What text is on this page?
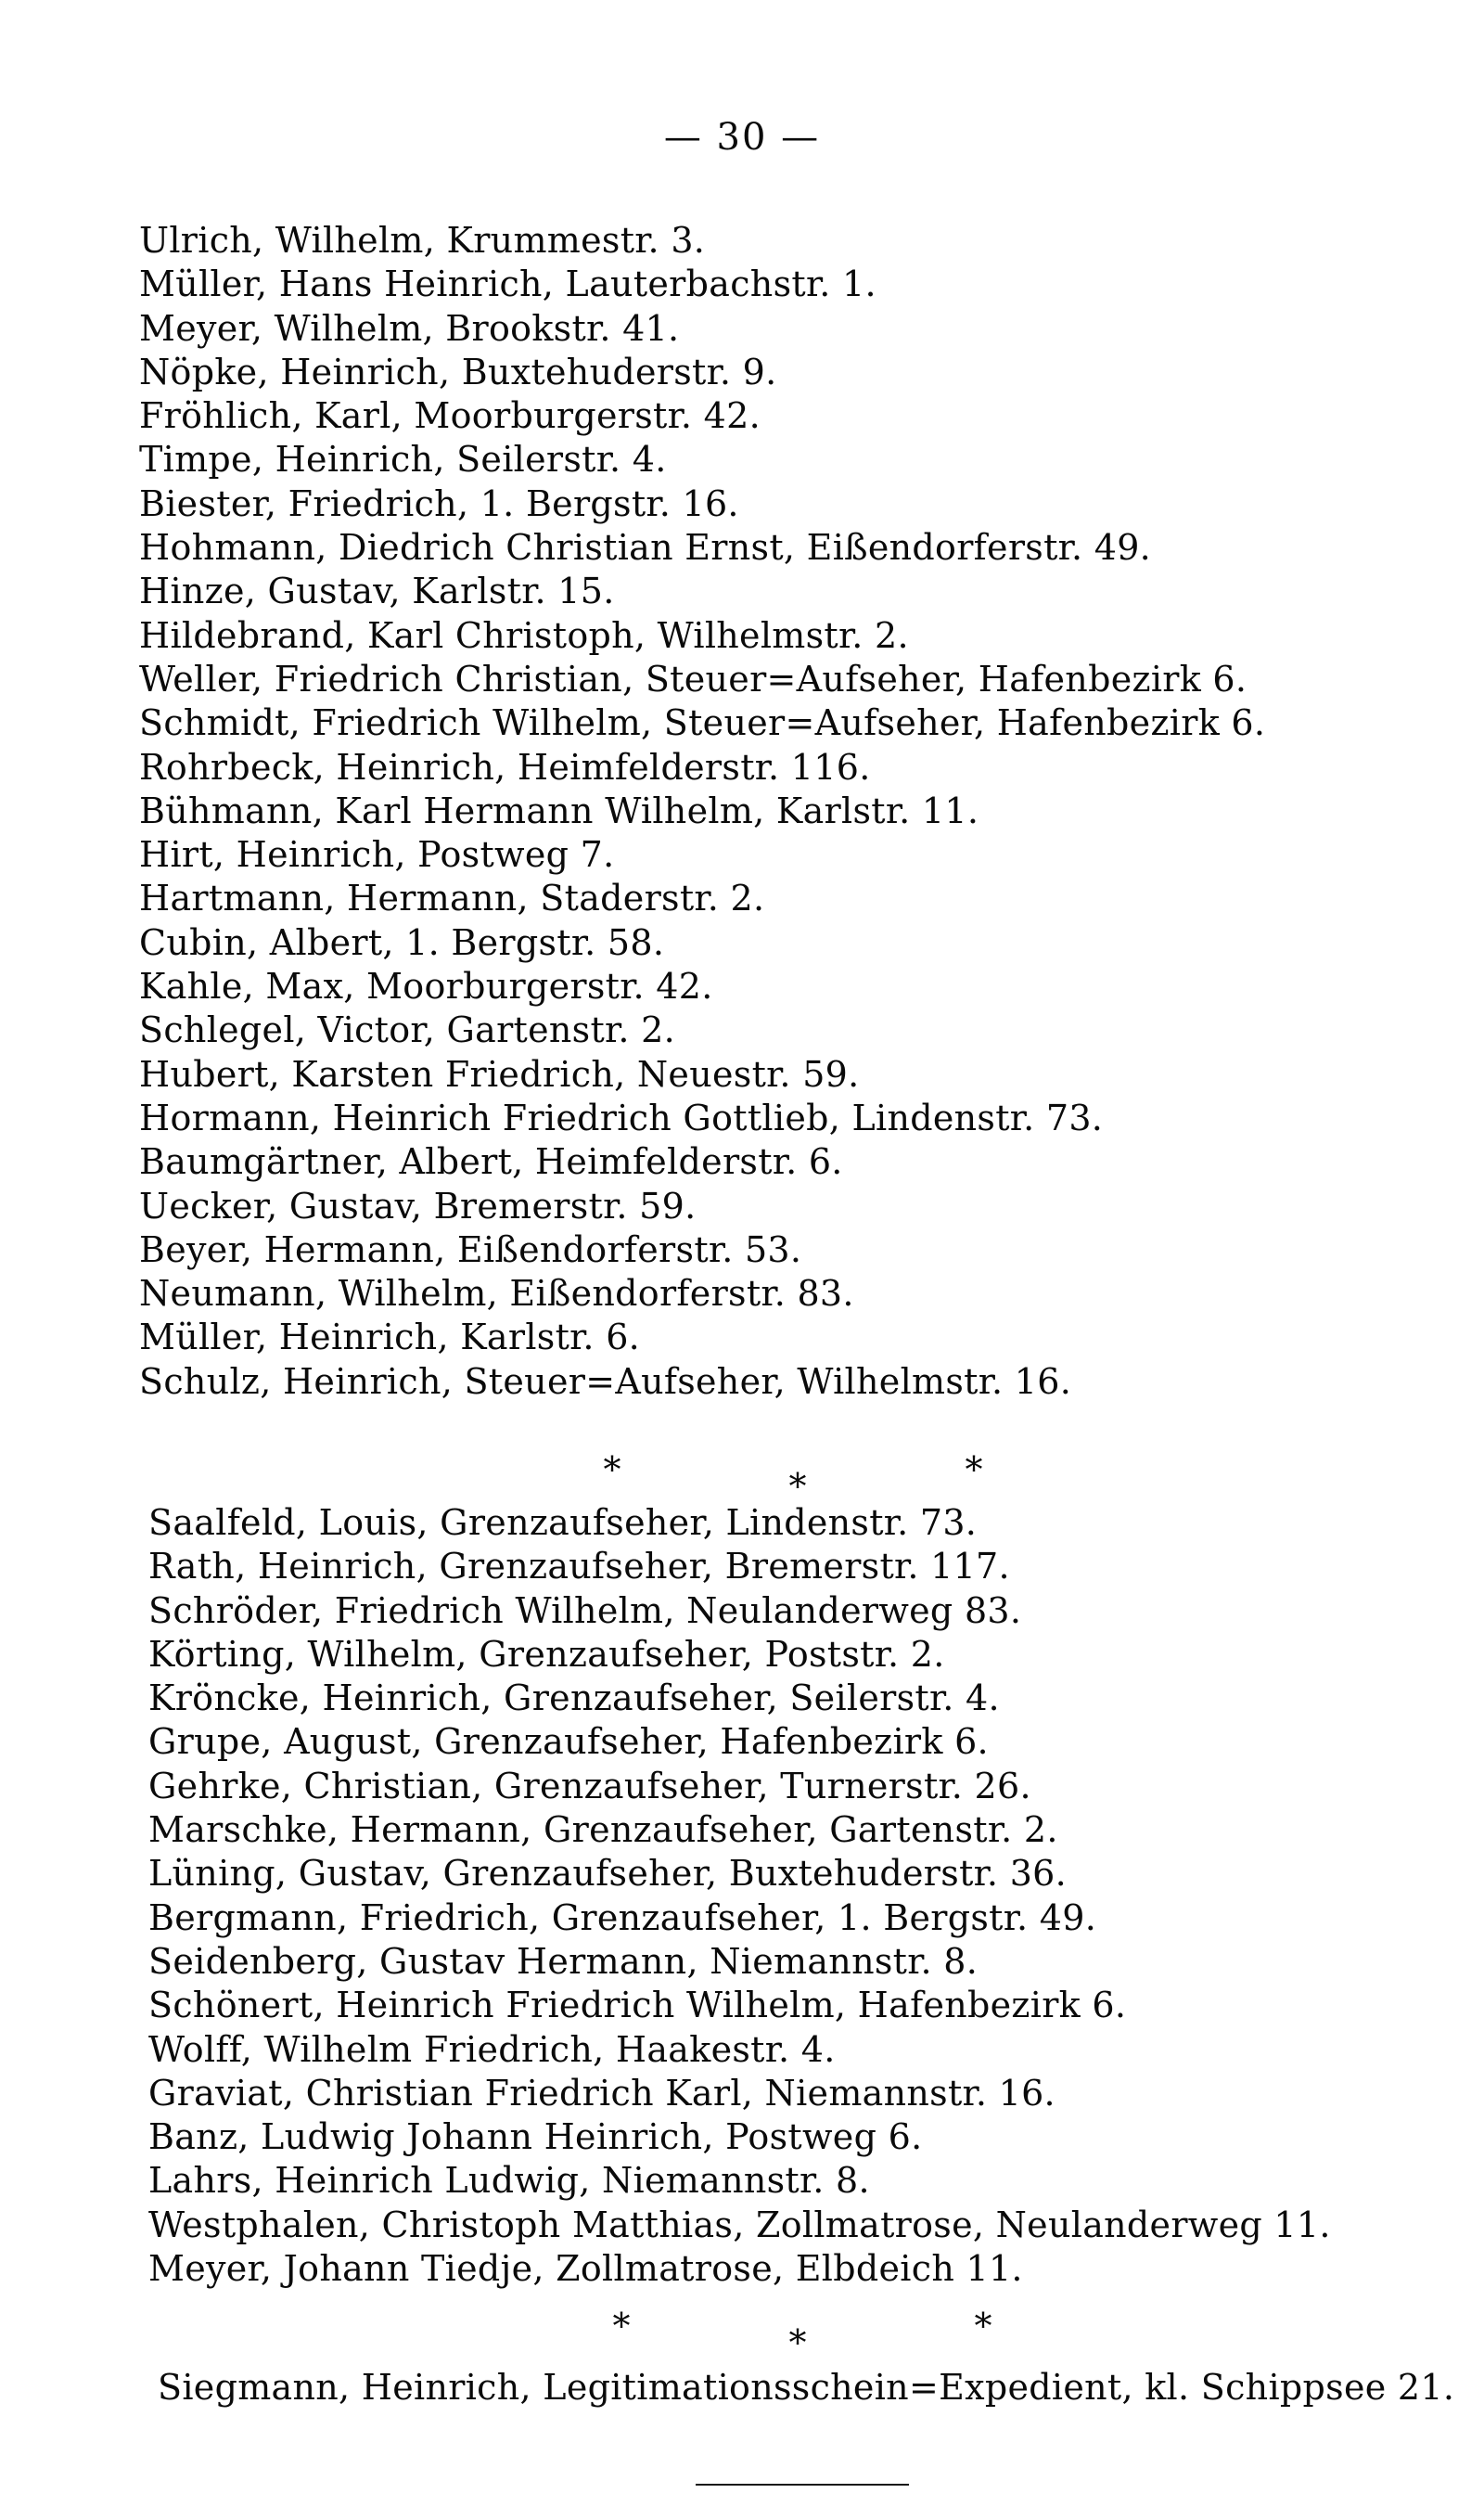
— 30 —
Ulrich, Wilhelm, Krummestr. 3.
Müller, Hans Heinrich, Lauterbachstr. 1.
Meyer, Wilhelm, Brookstr. 41.
Nöpke, Heinrich, Buxtehuderstr. 9.
Fröhlich, Karl, Moorburgerstr. 42.
Timpe, Heinrich, Seilerstr. 4.
Biester, Friedrich, 1. Bergstr. 16.
Hohmann, Diedrich Christian Ernst, Eißendorferstr. 49.
Hinze, Gustav, Karlstr. 15.
Hildebrand, Karl Christoph, Wilhelmstr. 2.
Weller, Friedrich Christian, Steuer=Aufseher, Hafenbezirk 6.
Schmidt, Friedrich Wilhelm, Steuer=Aufseher, Hafenbezirk 6.
Rohrbeck, Heinrich, Heimfelderstr. 116.
Bühmann, Karl Hermann Wilhelm, Karlstr. 11.
Hirt, Heinrich, Postweg 7.
Hartmann, Hermann, Staderstr. 2.
Cubin, Albert, 1. Bergstr. 58.
Kahle, Max, Moorburgerstr. 42.
Schlegel, Victor, Gartenstr. 2.
Hubert, Karsten Friedrich, Neuestr. 59.
Hormann, Heinrich Friedrich Gottlieb, Lindenstr. 73.
Baumgärtner, Albert, Heimfelderstr. 6.
Uecker, Gustav, Bremerstr. 59.
Beyer, Hermann, Eißendorferstr. 53.
Neumann, Wilhelm, Eißendorferstr. 83.
Müller, Heinrich, Karlstr. 6.
Schulz, Heinrich, Steuer=Aufseher, Wilhelmstr. 16.
*	*	*
Saalfeld, Louis, Grenzaufseher, Lindenstr. 73.
Rath, Heinrich, Grenzaufseher, Bremerstr. 117.
Schröder, Friedrich Wilhelm, Neulanderweg 83.
Körting, Wilhelm, Grenzaufseher, Poststr. 2.
Kröncke, Heinrich, Grenzaufseher, Seilerstr. 4.
Grupe, August, Grenzaufseher, Hafenbezirk 6.
Gehrke, Christian, Grenzaufseher, Turnerstr. 26.
Marschke, Hermann, Grenzaufseher, Gartenstr. 2.
Lüning, Gustav, Grenzaufseher, Buxtehuderstr. 36.
Bergmann, Friedrich, Grenzaufseher, 1. Bergstr. 49.
Seidenberg, Gustav Hermann, Niemannstr. 8.
Schönert, Heinrich Friedrich Wilhelm, Hafenbezirk 6.
Wolff, Wilhelm Friedrich, Haakestr. 4.
Graviat, Christian Friedrich Karl, Niemannstr. 16.
Banz, Ludwig Johann Heinrich, Postweg 6.
Lahrs, Heinrich Ludwig, Niemannstr. 8.
Westphalen, Christoph Matthias, Zollmatrose, Neulanderweg 11.
Meyer, Johann Tiedje, Zollmatrose, Elbdeich 11.
*	*	*
Siegmann, Heinrich, Legitimationsschein=Expedient, kl. Schippsee 21.
